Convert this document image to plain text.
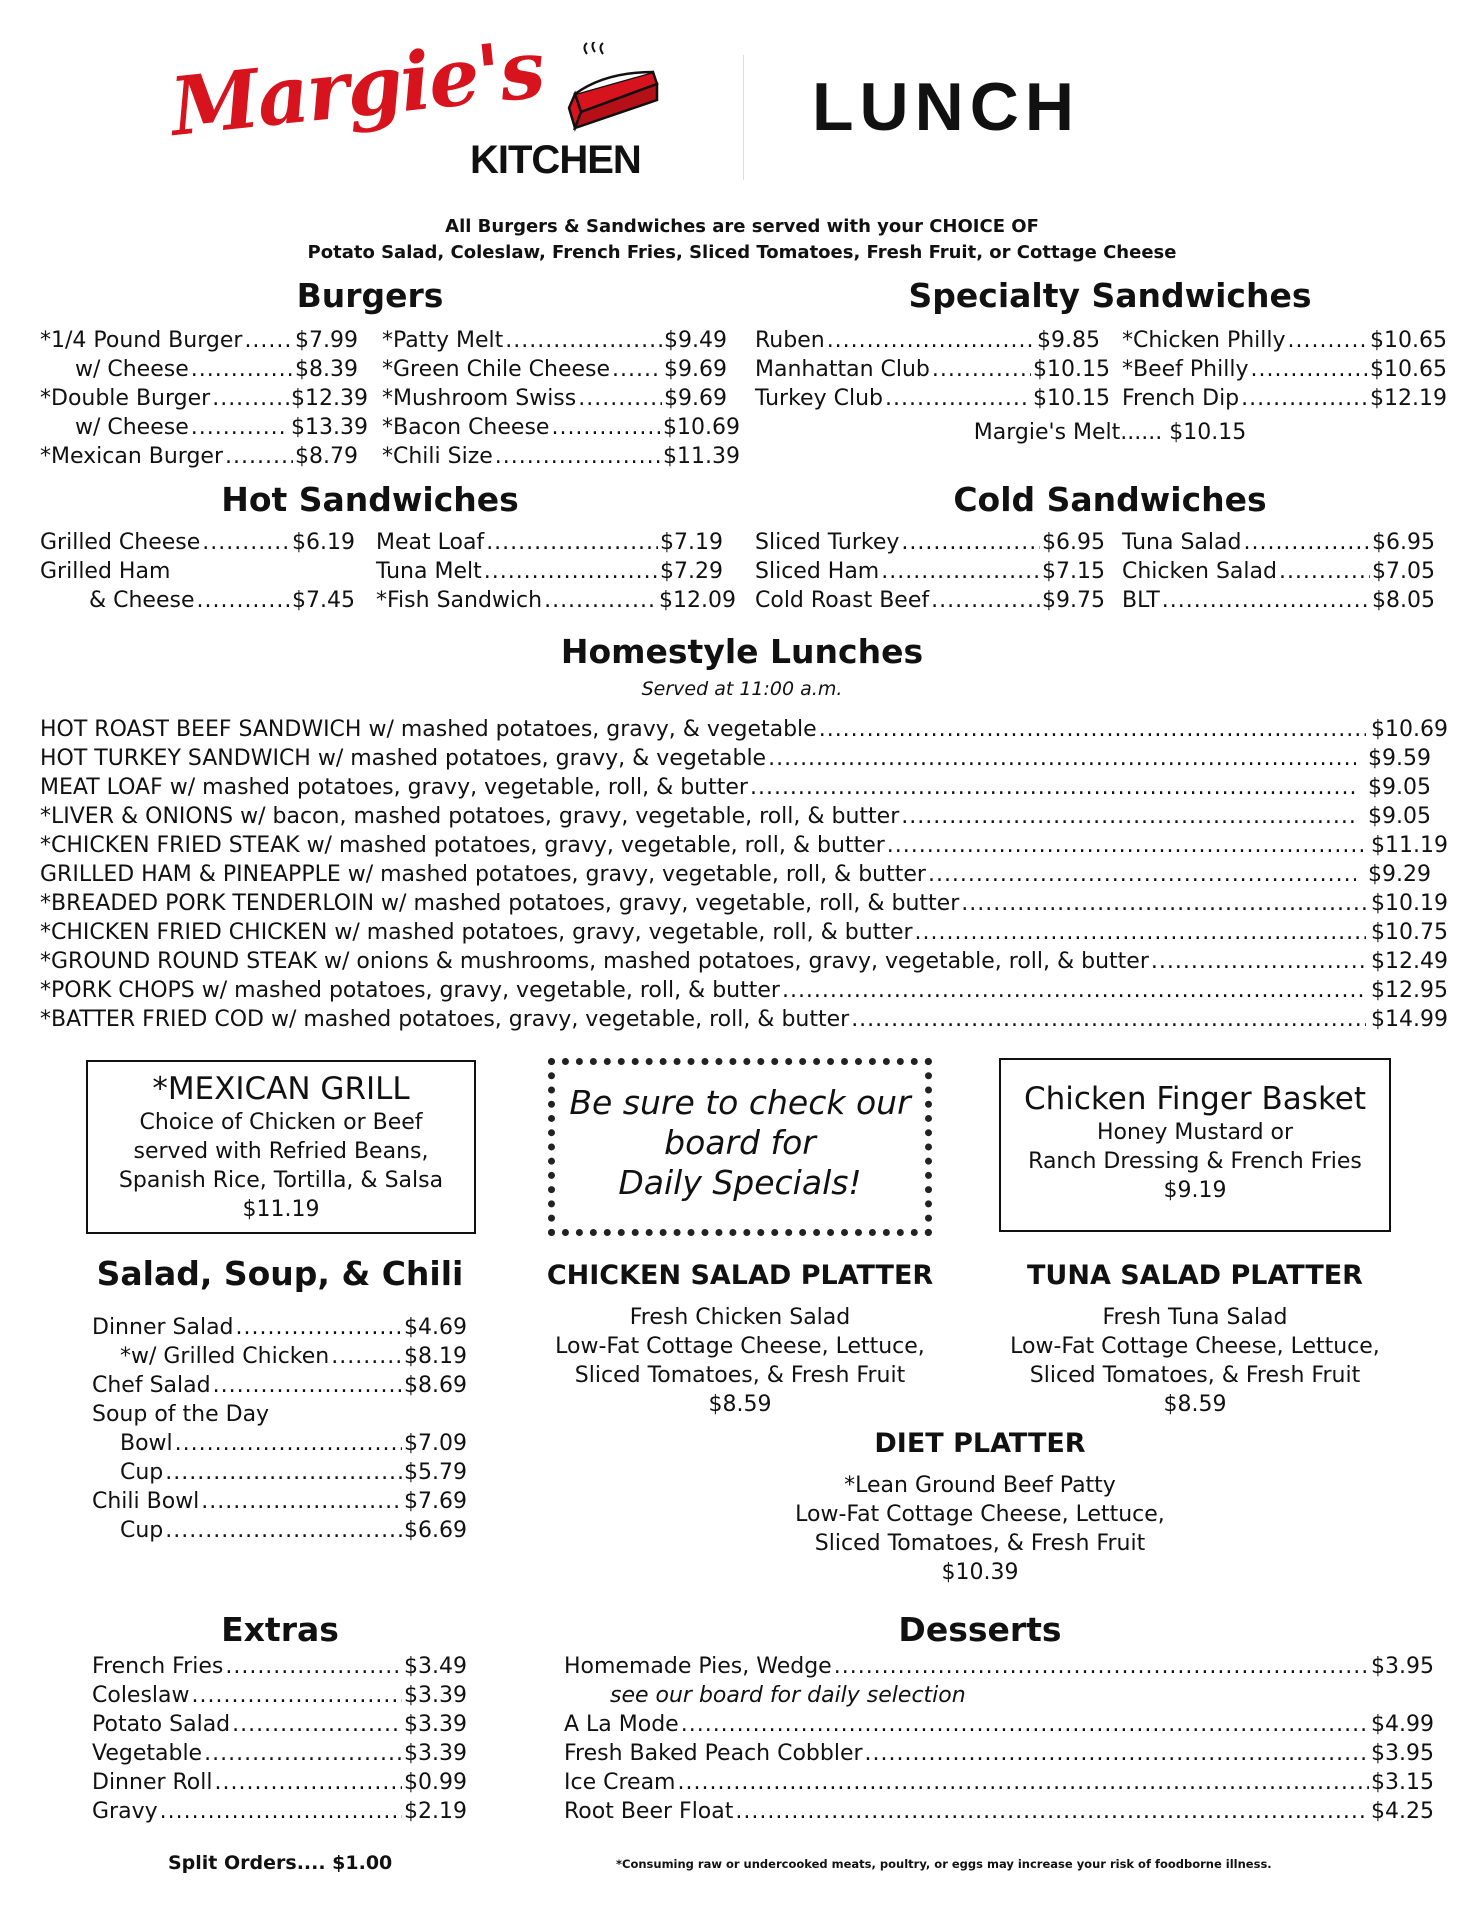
Margie's
KITCHEN
LUNCH
All Burgers & Sandwiches are served with your CHOICE OF
Potato Salad, Coleslaw, French Fries, Sliced Tomatoes, Fresh Fruit, or Cottage Cheese
Burgers
*1/4 Pound Burger ..... $7.99
w/ Cheese .....	$8.39
*Double Burger .....	$12.39
w/ Cheese .....	$13.39
*Mexican Burger .....	$8.79
*Patty Melt .....	$9.49
*Green Chile Cheese ..... $9.69
*Mushroom Swiss .....	$9.69
*Bacon Cheese .....	$10.69
*Chili Size .....	$11.39
Specialty Sandwiches
Ruben .....	$9.85
Manhattan Club .....	$10.15
Turkey Club .....	$10.15
*Chicken Philly .....	$10.65
*Beef Philly .....	$10.65
French Dip .....	$12.19
Margie's Melt...... $10.15
Hot Sandwiches
Grilled Cheese .....	$6.19
Grilled Ham
& Cheese .....	$7.45
Meat Loaf .....	$7.19
Tuna Melt .....	$7.29
*Fish Sandwich .....	$12.09
Cold Sandwiches
Sliced Turkey .....	$6.95
Sliced Ham .....	$7.15
Cold Roast Beef .....	$9.75
Tuna Salad .....	$6.95
Chicken Salad .....	$7.05
BLT .....	$8.05
Homestyle Lunches
Served at 11:00 a.m.
HOT ROAST BEEF SANDWICH w/ mashed potatoes, gravy, & vegetable .....	$10.69
HOT TURKEY SANDWICH w/ mashed potatoes, gravy, & vegetable .....	$9.59
MEAT LOAF w/ mashed potatoes, gravy, vegetable, roll, & butter .....	$9.05
*LIVER & ONIONS w/ bacon, mashed potatoes, gravy, vegetable, roll, & butter .....	$9.05
*CHICKEN FRIED STEAK w/ mashed potatoes, gravy, vegetable, roll, & butter .....	$11.19
GRILLED HAM & PINEAPPLE w/ mashed potatoes, gravy, vegetable, roll, & butter .....	$9.29
*BREADED PORK TENDERLOIN w/ mashed potatoes, gravy, vegetable, roll, & butter .....	$10.19
*CHICKEN FRIED CHICKEN w/ mashed potatoes, gravy, vegetable, roll, & butter .....	$10.75
*GROUND ROUND STEAK w/ onions & mushrooms, mashed potatoes, gravy, vegetable, roll, & butter .....	$12.49
*PORK CHOPS w/ mashed potatoes, gravy, vegetable, roll, & butter .....	$12.95
*BATTER FRIED COD w/ mashed potatoes, gravy, vegetable, roll, & butter .....	$14.99
*MEXICAN GRILL
Choice of Chicken or Beef
served with Refried Beans,
Spanish Rice, Tortilla, & Salsa
$11.19
Be sure to check our
board for
Daily Specials!
Chicken Finger Basket
Honey Mustard or
Ranch Dressing & French Fries
$9.19
Salad, Soup, & Chili
Dinner Salad .....	$4.69
*w/ Grilled Chicken .....	$8.19
Chef Salad .....	$8.69
Soup of the Day
Bowl .....	$7.09
Cup .....	$5.79
Chili Bowl .....	$7.69
Cup .....	$6.69
CHICKEN SALAD PLATTER
Fresh Chicken Salad
Low-Fat Cottage Cheese, Lettuce,
Sliced Tomatoes, & Fresh Fruit
$8.59
TUNA SALAD PLATTER
Fresh Tuna Salad
Low-Fat Cottage Cheese, Lettuce,
Sliced Tomatoes, & Fresh Fruit
$8.59
DIET PLATTER
*Lean Ground Beef Patty
Low-Fat Cottage Cheese, Lettuce,
Sliced Tomatoes, & Fresh Fruit
$10.39
Extras
French Fries .....	$3.49
Coleslaw .....	$3.39
Potato Salad .....	$3.39
Vegetable .....	$3.39
Dinner Roll .....	$0.99
Gravy .....	$2.19
Desserts
Homemade Pies, Wedge .....	$3.95
see our board for daily selection
A La Mode .....	$4.99
Fresh Baked Peach Cobbler .....	$3.95
Ice Cream .....	$3.15
Root Beer Float .....	$4.25
Split Orders.... $1.00	*Consuming raw or undercooked meats, poultry, or eggs may increase your risk of foodborne illness.
